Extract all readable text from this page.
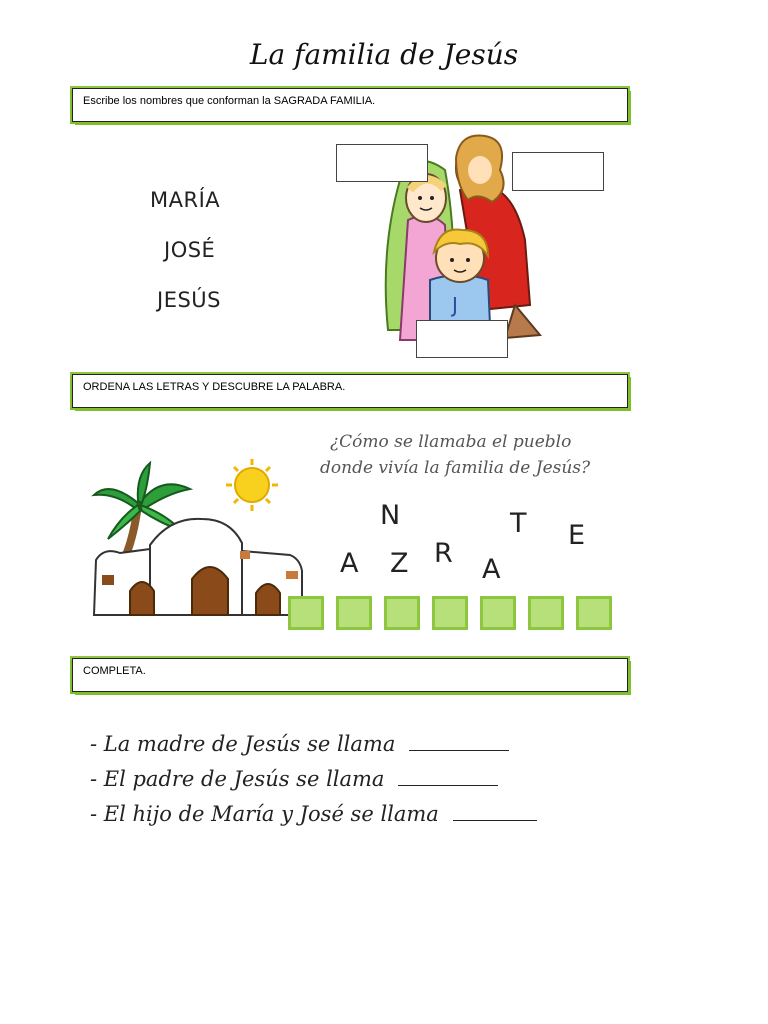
La familia de Jesús
Escribe los nombres que conforman la SAGRADA FAMILIA.
MARÍA
JOSÉ
JESÚS	J
ORDENA LAS LETRAS Y DESCUBRE LA PALABRA.
¿Cómo se llamaba el pueblo
donde vivía la familia de Jesús?
N
A Z R
A
T E
COMPLETA.
- La madre de Jesús se llama
- El padre de Jesús se llama
- El hijo de María y José se llama
